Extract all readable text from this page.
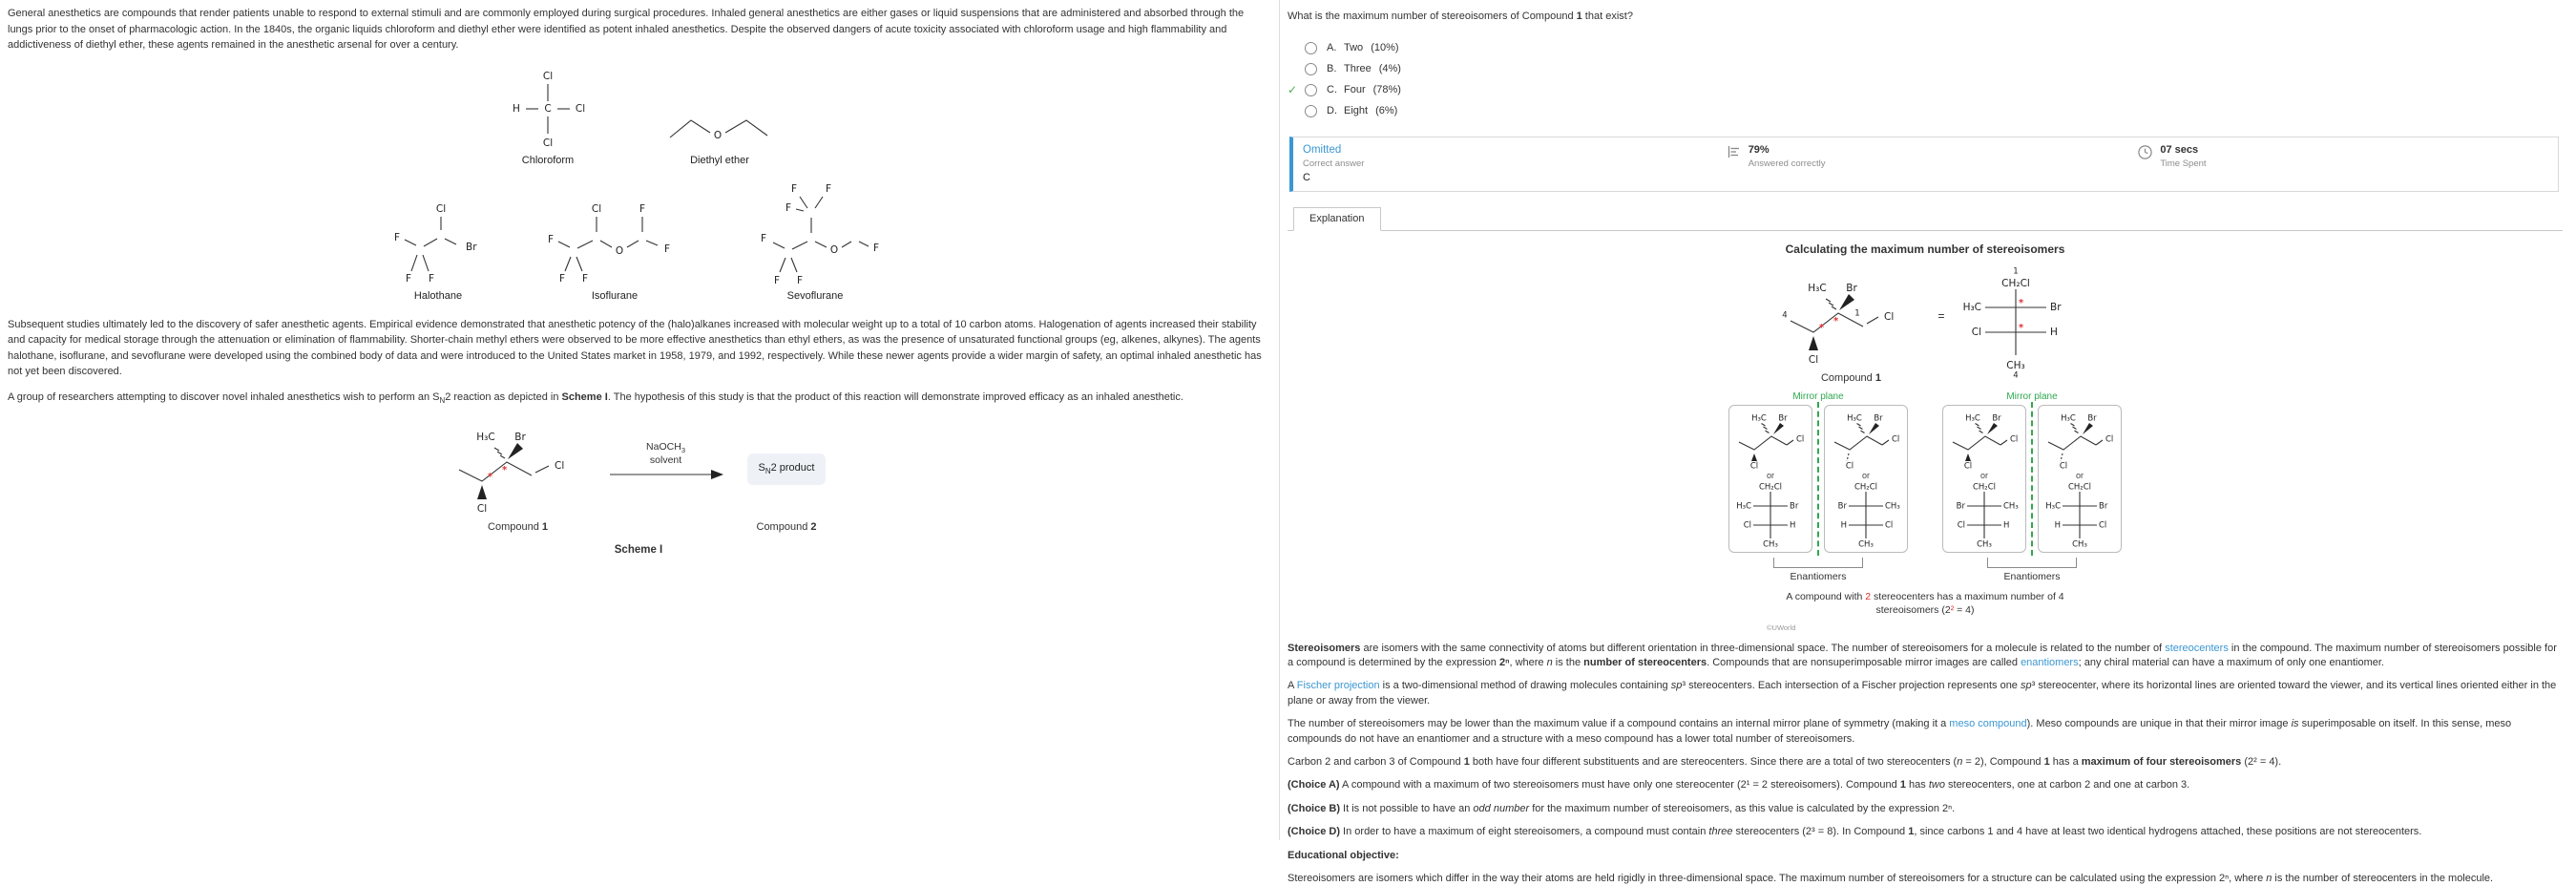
General anesthetics are compounds that render patients unable to respond to external stimuli and are commonly employed during surgical procedures. Inhaled general anesthetics are either gases or liquid suspensions that are administered and absorbed through the lungs prior to the onset of pharmacologic action. In the 1840s, the organic liquids chloroform and diethyl ether were identified as potent inhaled anesthetics. Despite the observed dangers of acute toxicity associated with chloroform usage and high flammability and addictiveness of diethyl ether, these agents remained in the anesthetic arsenal for over a century.

Cl
H C Cl
Cl
Chloroform
O
Diethyl ether
Cl
Br
F
F F
Halothane
F
F F
Cl
O
F
F
Isoflurane
F	F
F
F
F F
O	F
Sevoflurane

Subsequent studies ultimately led to the discovery of safer anesthetic agents. Empirical evidence demonstrated that anesthetic potency of the (halo)alkanes increased with molecular weight up to a total of 10 carbon atoms. Halogenation of agents increased their stability and capacity for medical storage through the attenuation or elimination of flammability. Shorter-chain methyl ethers were observed to be more effective anesthetics than ethyl ethers, as was the presence of unsaturated functional groups (eg, alkenes, alkynes). The agents halothane, isoflurane, and sevoflurane were developed using the combined body of data and were introduced to the United States market in 1958, 1979, and 1992, respectively. While these newer agents provide a wider margin of safety, an optimal inhaled anesthetic has not yet been discovered.

A group of researchers attempting to discover novel inhaled anesthetics wish to perform an $S_N2$ reaction as depicted in Scheme I. The hypothesis of this study is that the product of this reaction will demonstrate improved efficacy as an inhaled anesthetic.

H₃C Br
Cl
Cl
*
*
Compound 1
NaOCH$_3$
solvent
$S_N2$ product
Compound 2
Scheme I

What is the maximum number of stereoisomers of Compound 1 that exist?

A. Two (10%)
B. Three (4%)
✓	C. Four (78%)
D. Eight (6%)
Omitted
Correct answer
C
79%
Answered correctly
07 secs
Time Spent
Explanation
Calculating the maximum number of stereoisomers
H₃C Br
Cl
Cl
4	1
*
*
Compound 1
=
1
CH₂Cl
H₃C	Br
Cl	H
*
*
CH₃
4
Mirror plane
H₃C Br
Cl
Cl
or
CH₂Cl
H₃C	Br
Cl	H
CH₃
H₃C Br
Cl
Cl
or
CH₂Cl
Br	CH₃
H	Cl
CH₃
Enantiomers
Mirror plane
H₃C Br
Cl
Cl
or
CH₂Cl
Br	CH₃
Cl	H
CH₃
H₃C Br
Cl
Cl
or
CH₂Cl
H₃C	Br
H	Cl
CH₃
Enantiomers
A compound with 2 stereocenters has a maximum number of 4
stereoisomers (2² = 4)
©UWorld

Stereoisomers are isomers with the same connectivity of atoms but different orientation in three-dimensional space. The number of stereoisomers for a molecule is related to the number of stereocenters in the compound. The maximum number of stereoisomers possible for a compound is determined by the expression 2ⁿ, where n is the number of stereocenters. Compounds that are nonsuperimposable mirror images are called enantiomers; any chiral material can have a maximum of only one enantiomer.

A Fischer projection is a two-dimensional method of drawing molecules containing sp³ stereocenters. Each intersection of a Fischer projection represents one sp³ stereocenter, where its horizontal lines are oriented toward the viewer, and its vertical lines oriented either in the plane or away from the viewer.

The number of stereoisomers may be lower than the maximum value if a compound contains an internal mirror plane of symmetry (making it a meso compound). Meso compounds are unique in that their mirror image is superimposable on itself. In this sense, meso compounds do not have an enantiomer and a structure with a meso compound has a lower total number of stereoisomers.

Carbon 2 and carbon 3 of Compound 1 both have four different substituents and are stereocenters. Since there are a total of two stereocenters (n = 2), Compound 1 has a maximum of four stereoisomers (2² = 4).

(Choice A) A compound with a maximum of two stereoisomers must have only one stereocenter (2¹ = 2 stereoisomers). Compound 1 has two stereocenters, one at carbon 2 and one at carbon 3.

(Choice B) It is not possible to have an odd number for the maximum number of stereoisomers, as this value is calculated by the expression 2ⁿ.

(Choice D) In order to have a maximum of eight stereoisomers, a compound must contain three stereocenters (2³ = 8). In Compound 1, since carbons 1 and 4 have at least two identical hydrogens attached, these positions are not stereocenters.

Educational objective:

Stereoisomers are isomers which differ in the way their atoms are held rigidly in three-dimensional space. The maximum number of stereoisomers for a structure can be calculated using the expression 2ⁿ, where n is the number of stereocenters in the molecule.
